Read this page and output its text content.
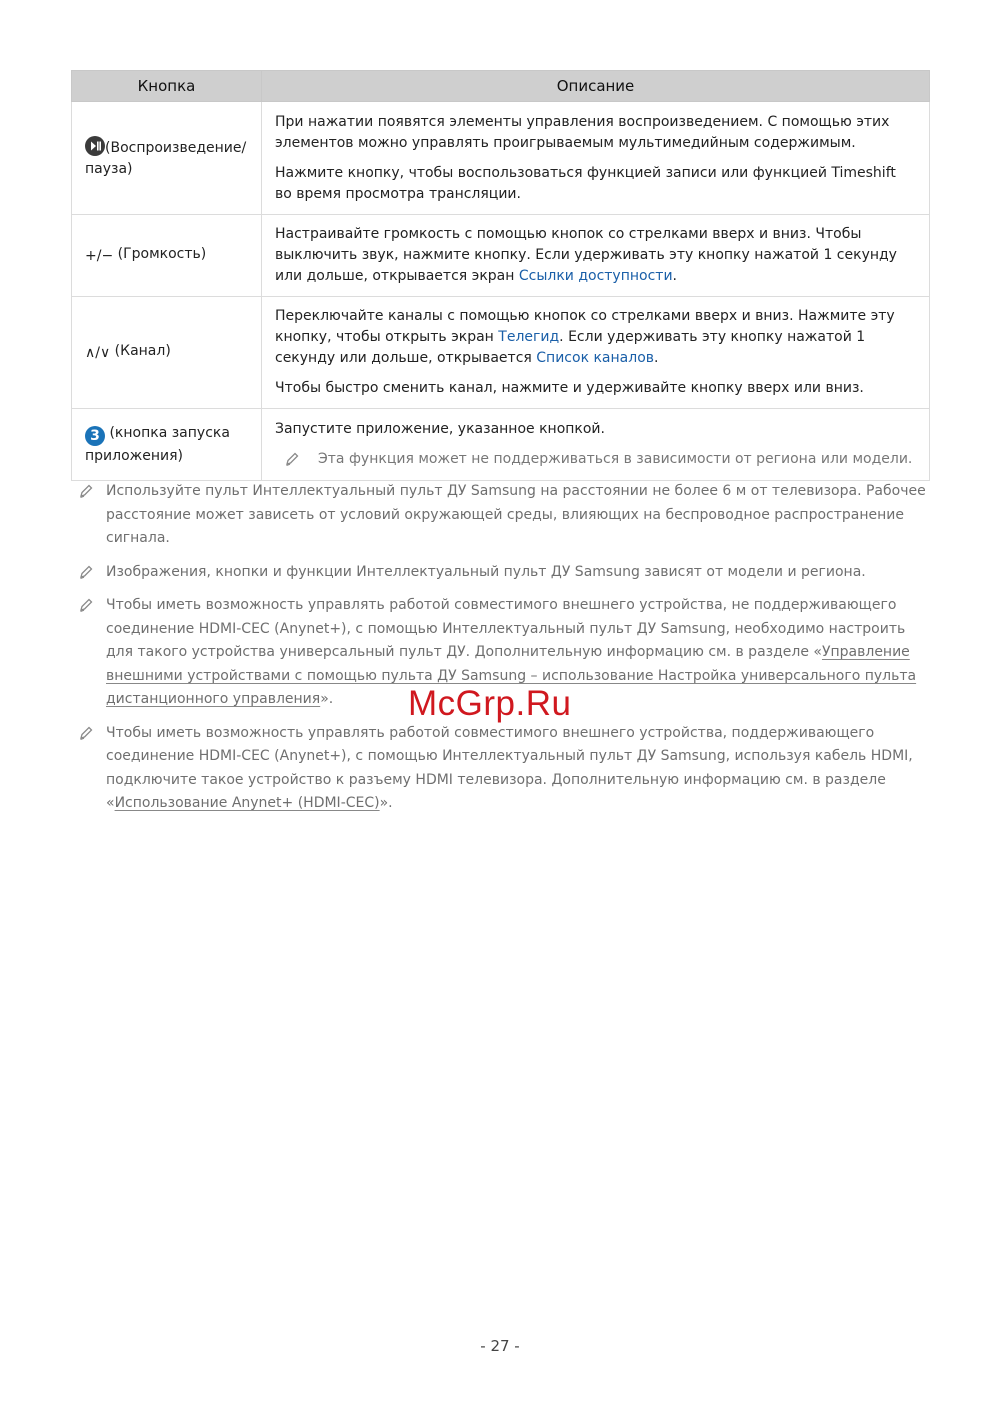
Кнопка	Описание

(Воспроизведение/ пауза)	При нажатии появятся элементы управления воспроизведением. С помощью этих элементов можно управлять проигрываемым мультимедийным содержимым.

Нажмите кнопку, чтобы воспользоваться функцией записи или функцией Timeshift во время просмотра трансляции.

+/− (Громкость)	Настраивайте громкость с помощью кнопок со стрелками вверх и вниз. Чтобы выключить звук, нажмите кнопку. Если удерживать эту кнопку нажатой 1 секунду или дольше, открывается экран Ссылки доступности.

∧/∨ (Канал)	Переключайте каналы с помощью кнопок со стрелками вверх и вниз. Нажмите эту кнопку, чтобы открыть экран Телегид. Если удерживать эту кнопку нажатой 1 секунду или дольше, открывается Список каналов.

Чтобы быстро сменить канал, нажмите и удерживайте кнопку вверх или вниз.

3 (кнопка запуска приложения)	Запустите приложение, указанное кнопкой.

Эта функция может не поддерживаться в зависимости от региона или модели.
Используйте пульт Интеллектуальный пульт ДУ Samsung на расстоянии не более 6 м от телевизора. Рабочее расстояние может зависеть от условий окружающей среды, влияющих на беспроводное распространение сигнала.
Изображения, кнопки и функции Интеллектуальный пульт ДУ Samsung зависят от модели и региона.
Чтобы иметь возможность управлять работой совместимого внешнего устройства, не поддерживающего соединение HDMI-CEC (Anynet+), с помощью Интеллектуальный пульт ДУ Samsung, необходимо настроить для такого устройства универсальный пульт ДУ. Дополнительную информацию см. в разделе «Управление внешними устройствами с помощью пульта ДУ Samsung – использование Настройка универсального пульта дистанционного управления».
Чтобы иметь возможность управлять работой совместимого внешнего устройства, поддерживающего соединение HDMI-CEC (Anynet+), с помощью Интеллектуальный пульт ДУ Samsung, используя кабель HDMI, подключите такое устройство к разъему HDMI телевизора. Дополнительную информацию см. в разделе «Использование Anynet+ (HDMI-CEC)».
McGrp.Ru
- 27 -
